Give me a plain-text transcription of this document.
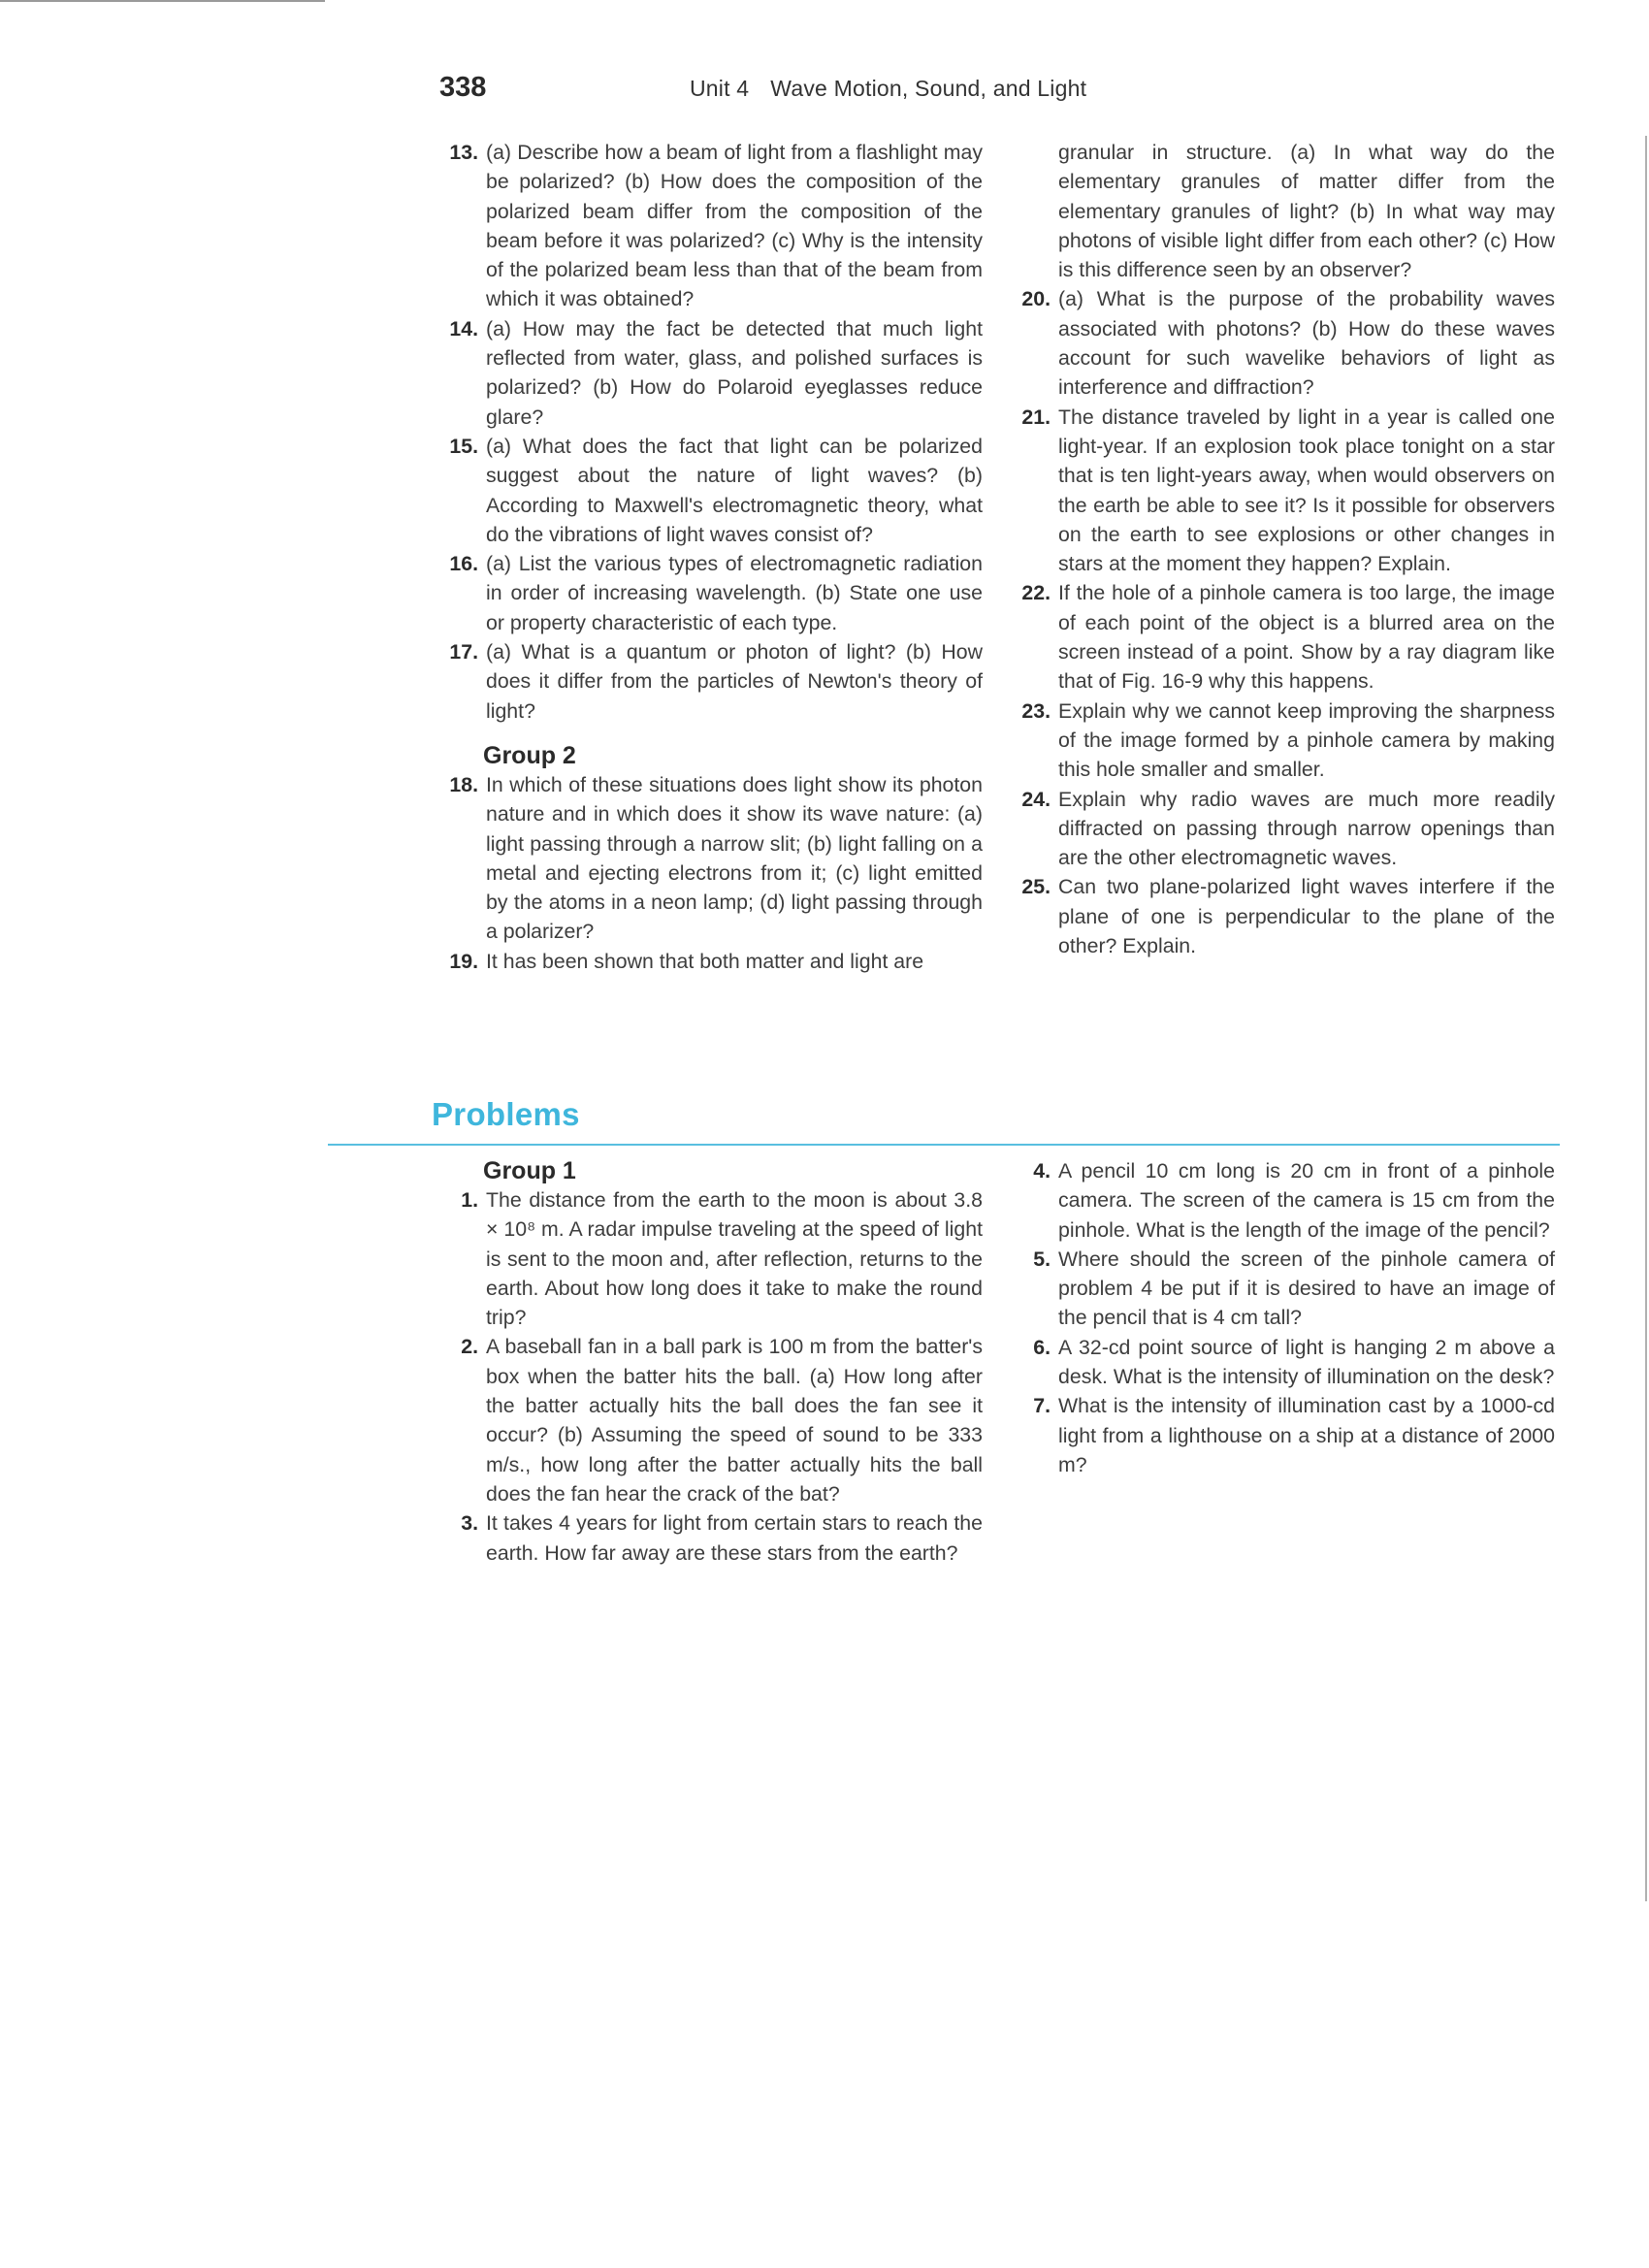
338	Unit 4 Wave Motion, Sound, and Light
13. (a) Describe how a beam of light from a flashlight may be polarized? (b) How does the composition of the polarized beam differ from the composition of the beam before it was polarized? (c) Why is the intensity of the polarized beam less than that of the beam from which it was obtained?
14. (a) How may the fact be detected that much light reflected from water, glass, and polished surfaces is polarized? (b) How do Polaroid eyeglasses reduce glare?
15. (a) What does the fact that light can be polarized suggest about the nature of light waves? (b) According to Maxwell's electromagnetic theory, what do the vibrations of light waves consist of?
16. (a) List the various types of electromagnetic radiation in order of increasing wavelength. (b) State one use or property characteristic of each type.
17. (a) What is a quantum or photon of light? (b) How does it differ from the particles of Newton's theory of light?
Group 2
18. In which of these situations does light show its photon nature and in which does it show its wave nature: (a) light passing through a narrow slit; (b) light falling on a metal and ejecting electrons from it; (c) light emitted by the atoms in a neon lamp; (d) light passing through a polarizer?
19. It has been shown that both matter and light are
granular in structure. (a) In what way do the elementary granules of matter differ from the elementary granules of light? (b) In what way may photons of visible light differ from each other? (c) How is this difference seen by an observer?
20. (a) What is the purpose of the probability waves associated with photons? (b) How do these waves account for such wavelike behaviors of light as interference and diffraction?
21. The distance traveled by light in a year is called one light-year. If an explosion took place tonight on a star that is ten light-years away, when would observers on the earth be able to see it? Is it possible for observers on the earth to see explosions or other changes in stars at the moment they happen? Explain.
22. If the hole of a pinhole camera is too large, the image of each point of the object is a blurred area on the screen instead of a point. Show by a ray diagram like that of Fig. 16-9 why this happens.
23. Explain why we cannot keep improving the sharpness of the image formed by a pinhole camera by making this hole smaller and smaller.
24. Explain why radio waves are much more readily diffracted on passing through narrow openings than are the other electromagnetic waves.
25. Can two plane-polarized light waves interfere if the plane of one is perpendicular to the plane of the other? Explain.
Problems
Group 1
1. The distance from the earth to the moon is about 3.8 × 10⁸ m. A radar impulse traveling at the speed of light is sent to the moon and, after reflection, returns to the earth. About how long does it take to make the round trip?
2. A baseball fan in a ball park is 100 m from the batter's box when the batter hits the ball. (a) How long after the batter actually hits the ball does the fan see it occur? (b) Assuming the speed of sound to be 333 m/s., how long after the batter actually hits the ball does the fan hear the crack of the bat?
3. It takes 4 years for light from certain stars to reach the earth. How far away are these stars from the earth?
4. A pencil 10 cm long is 20 cm in front of a pinhole camera. The screen of the camera is 15 cm from the pinhole. What is the length of the image of the pencil?
5. Where should the screen of the pinhole camera of problem 4 be put if it is desired to have an image of the pencil that is 4 cm tall?
6. A 32-cd point source of light is hanging 2 m above a desk. What is the intensity of illumination on the desk?
7. What is the intensity of illumination cast by a 1000-cd light from a lighthouse on a ship at a distance of 2000 m?
